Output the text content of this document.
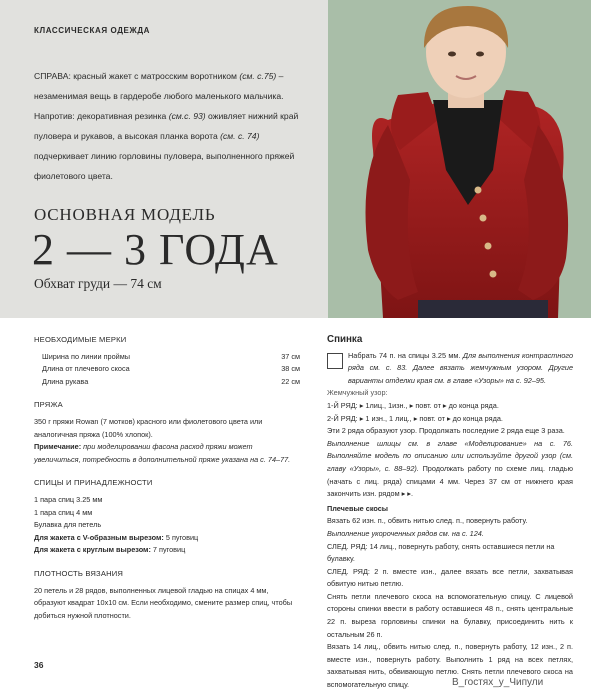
КЛАССИЧЕСКАЯ ОДЕЖДА

СПРАВА: красный жакет с матросским воротником (см. с.75) – незаменимая вещь в гардеробе любого маленького мальчика. Напротив: декоративная резинка (см.с. 93) оживляет нижний край пуловера и рукавов, а высокая планка ворота (см. с. 74) подчеркивает линию горловины пуловера, выполненного пряжей фиолетового цвета.

ОСНОВНАЯ МОДЕЛЬ
2 — 3 ГОДА
Обхват груди — 74 см
НЕОБХОДИМЫЕ МЕРКИ
Ширина по линии проймы	37 см
Длина от плечевого скоса	38 см
Длина рукава	22 см
ПРЯЖА
350 г пряжи Rowan (7 мотков) красного или фиолетового цвета или аналогичная пряжа (100% хлопок).
Примечание: при моделировании фасона расход пряжи может увеличиться, потребность в дополнительной пряже указана на с. 74–77.
СПИЦЫ И ПРИНАДЛЕЖНОСТИ
1 пара спиц 3.25 мм
1 пара спиц 4 мм
Булавка для петель
Для жакета с V-образным вырезом: 5 пуговиц
Для жакета с круглым вырезом: 7 пуговиц
ПЛОТНОСТЬ ВЯЗАНИЯ
20 петель и 28 рядов, выполненных лицевой гладью на спицах 4 мм, образуют квадрат 10х10 см. Если необходимо, смените размер спиц, чтобы добиться нужной плотности.
Спинка
Набрать 74 п. на спицы 3.25 мм. Для выполнения контрастного ряда см. с. 83. Далее вязать жемчужным узором. Другие варианты отделки края см. в главе «Узоры» на с. 92–95.
Жемчужный узор:
1-Й РЯД: ▸ 1лиц., 1изн., ▸ повт. от ▸ до конца ряда.
2-Й РЯД: ▸ 1 изн., 1 лиц., ▸ повт. от ▸ до конца ряда.
Эти 2 ряда образуют узор. Продолжать последние 2 ряда еще 3 раза.
Выполнение шлицы см. в главе «Моделирование» на с. 76. Выполняйте модель по описанию или используйте другой узор (см. главу «Узоры», с. 88–92). Продолжать работу по схеме лиц. гладью (начать с лиц. ряда) спицами 4 мм. Через 37 см от нижнего края закончить изн. рядом ▸ ▸.
Плечевые скосы
Вязать 62 изн. п., обвить нитью след. п., повернуть работу.
Выполнение укороченных рядов см. на с. 124.
СЛЕД. РЯД: 14 лиц., повернуть работу, снять оставшиеся петли на булавку.
СЛЕД. РЯД: 2 п. вместе изн., далее вязать все петли, захватывая обвитую нитью петлю.
Снять петли плечевого скоса на вспомогательную спицу. С лицевой стороны спинки ввести в работу оставшиеся 48 п., снять центральные 22 п. выреза горловины спинки на булавку, присоединить нить к остальным 26 п.
Вязать 14 лиц., обвить нитью след. п., повернуть работу, 12 изн., 2 п. вместе изн., повернуть работу. Выполнить 1 ряд на всех петлях, захватывая нить, обвивающую петлю. Снять петли плечевого скоса на вспомогательную спицу.
36
В_гостях_у_Чипули
